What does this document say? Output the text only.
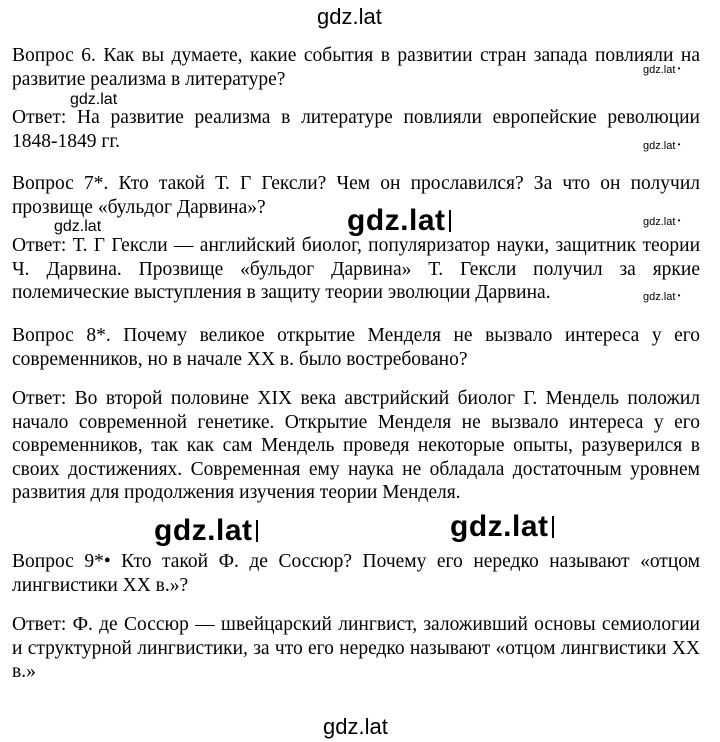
gdz.lat
Вопрос 6. Как вы думаете, какие события в развитии стран запада повлияли на развитие реализма в литературе?
Ответ: На развитие реализма в литературе повлияли европейские революции 1848-1849 гг.
Вопрос 7*. Кто такой Т. Г Гексли? Чем он прославился? За что он получил прозвище «бульдог Дарвина»?
Ответ: Т. Г Гексли — английский биолог, популяризатор науки, защитник теории Ч. Дарвина. Прозвище «бульдог Дарвина» Т. Гексли получил за яркие полемические выступления в защиту теории эволюции Дарвина.
Вопрос 8*. Почему великое открытие Менделя не вызвало интереса у его современников, но в начале XX в. было востребовано?
Ответ: Во второй половине XIX века австрийский биолог Г. Мендель положил начало современной генетике. Открытие Менделя не вызвало интереса у его современников, так как сам Мендель проведя некоторые опыты, разуверился в своих достижениях. Современная ему наука не обладала достаточным уровнем развития для продолжения изучения теории Менделя.
Вопрос 9*• Кто такой Ф. де Соссюр? Почему его нередко называют «отцом лингвистики XX в.»?
Ответ: Ф. де Соссюр — швейцарский лингвист, заложивший основы семиологии и структурной лингвистики, за что его нередко называют «отцом лингвистики XX в.»
gdz.lat •
gdz.lat
gdz.lat •
gdz.lat	gdz.lat •
gdz.lat
gdz.lat •
gdz.lat	gdz.lat
gdz.lat
